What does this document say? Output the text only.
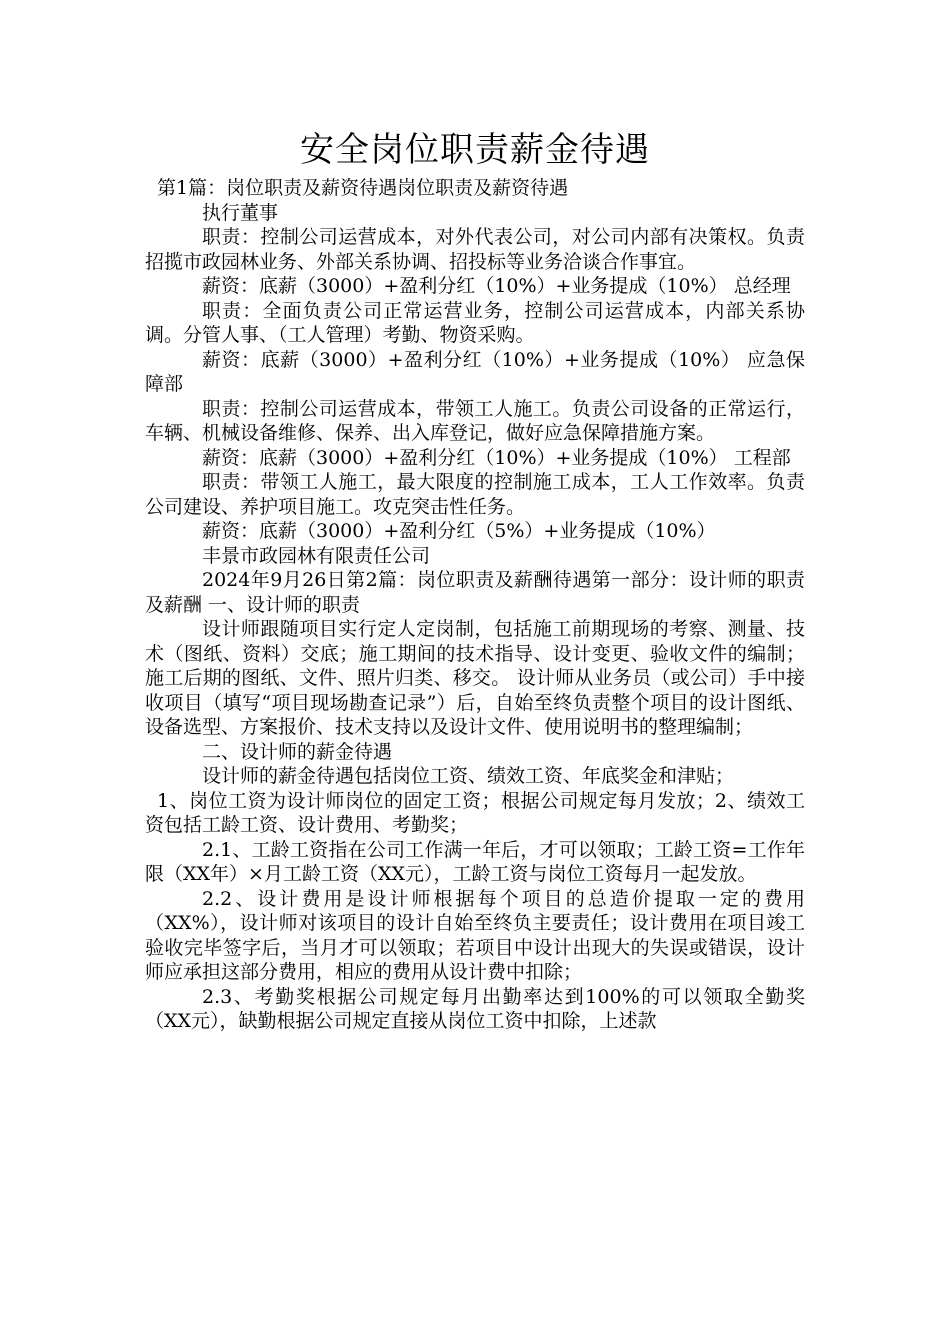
安全岗位职责薪金待遇

第1篇：岗位职责及薪资待遇岗位职责及薪资待遇

执行董事

职责：控制公司运营成本，对外代表公司，对公司内部有决策权。负责招揽市政园林业务、外部关系协调、招投标等业务洽谈合作事宜。

薪资：底薪（3000）+盈利分红（10%）+业务提成（10%） 总经理

职责：全面负责公司正常运营业务，控制公司运营成本，内部关系协调。分管人事、（工人管理）考勤、物资采购。

薪资：底薪（3000）+盈利分红（10%）+业务提成（10%） 应急保障部

职责：控制公司运营成本，带领工人施工。负责公司设备的正常运行，车辆、机械设备维修、保养、出入库登记，做好应急保障措施方案。

薪资：底薪（3000）+盈利分红（10%）+业务提成（10%） 工程部

职责：带领工人施工，最大限度的控制施工成本，工人工作效率。负责公司建设、养护项目施工。攻克突击性任务。

薪资：底薪（3000）+盈利分红（5%）+业务提成（10%）

丰景市政园林有限责任公司

2024年9月26日第2篇：岗位职责及薪酬待遇第一部分：设计师的职责及薪酬 一、设计师的职责

设计师跟随项目实行定人定岗制，包括施工前期现场的考察、测量、技术（图纸、资料）交底；施工期间的技术指导、设计变更、验收文件的编制；施工后期的图纸、文件、照片归类、移交。 设计师从业务员（或公司）手中接收项目（填写“项目现场勘查记录”）后，自始至终负责整个项目的设计图纸、设备选型、方案报价、技术支持以及设计文件、使用说明书的整理编制；

二、设计师的薪金待遇

设计师的薪金待遇包括岗位工资、绩效工资、年底奖金和津贴；

1、岗位工资为设计师岗位的固定工资；根据公司规定每月发放；2、绩效工资包括工龄工资、设计费用、考勤奖；

2.1、工龄工资指在公司工作满一年后，才可以领取；工龄工资=工作年限（XX年）×月工龄工资（XX元），工龄工资与岗位工资每月一起发放。

2.2、设计费用是设计师根据每个项目的总造价提取一定的费用（XX%），设计师对该项目的设计自始至终负主要责任；设计费用在项目竣工验收完毕签字后，当月才可以领取；若项目中设计出现大的失误或错误，设计师应承担这部分费用，相应的费用从设计费中扣除；

2.3、考勤奖根据公司规定每月出勤率达到100%的可以领取全勤奖（XX元），缺勤根据公司规定直接从岗位工资中扣除，上述款
